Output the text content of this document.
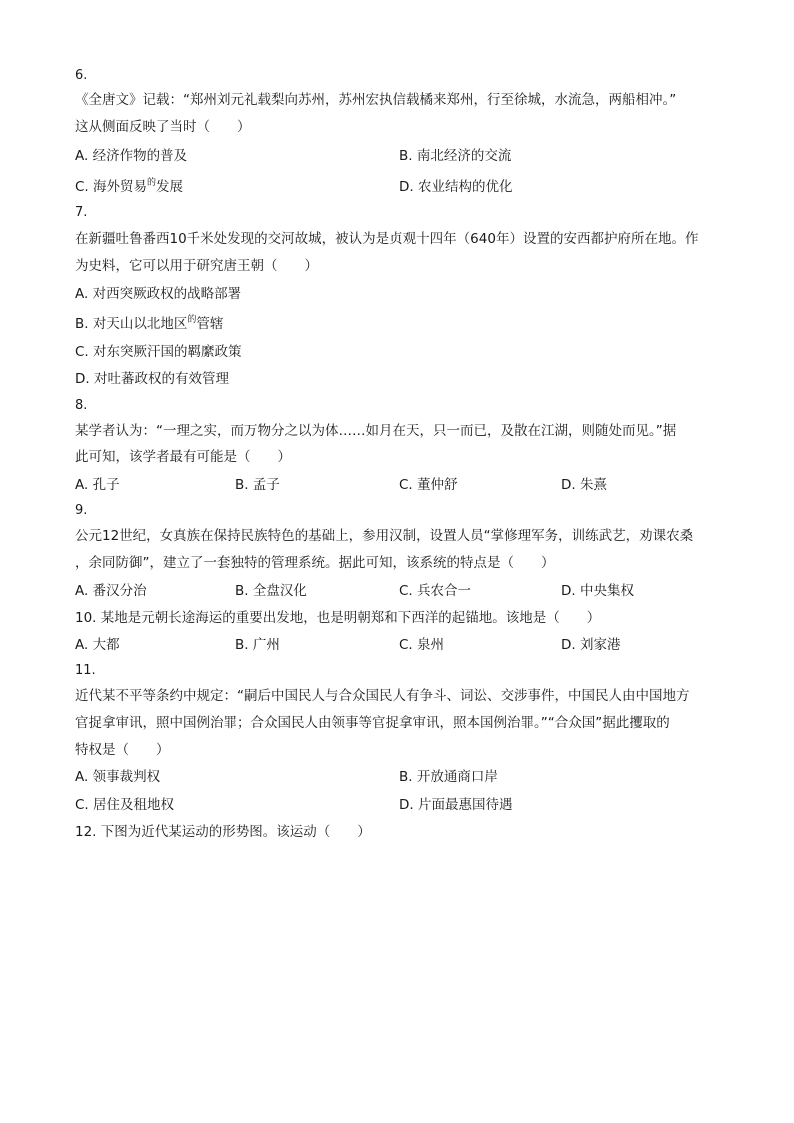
6.
《全唐文》记载：“郑州刘元礼载梨向苏州，苏州宏执信载橘来郑州，行至徐城，水流急，两船相冲。”
这从侧面反映了当时（　　）
A. 经济作物的普及	B. 南北经济的交流
C. 海外贸易$^的$发展	D. 农业结构的优化
7.
在新疆吐鲁番西10千米处发现的交河故城，被认为是贞观十四年（640年）设置的安西都护府所在地。作
为史料，它可以用于研究唐王朝（　　）
A. 对西突厥政权的战略部署
B. 对天山以北地区$^的$管辖
C. 对东突厥汗国的羁縻政策
D. 对吐蕃政权的有效管理
8.
某学者认为：“一理之实，而万物分之以为体……如月在天，只一而已，及散在江湖，则随处而见。”据
此可知，该学者最有可能是（　　）
A. 孔子	B. 孟子	C. 董仲舒	D. 朱熹
9.
公元12世纪，女真族在保持民族特色的基础上，参用汉制，设置人员“掌修理军务，训练武艺，劝课农桑
，余同防御”，建立了一套独特的管理系统。据此可知，该系统的特点是（　　）
A. 番汉分治	B. 全盘汉化	C. 兵农合一	D. 中央集权
10. 某地是元朝长途海运的重要出发地，也是明朝郑和下西洋的起锚地。该地是（　　）
A. 大都	B. 广州	C. 泉州	D. 刘家港
11.
近代某不平等条约中规定：“嗣后中国民人与合众国民人有争斗、词讼、交涉事件，中国民人由中国地方
官捉拿审讯，照中国例治罪；合众国民人由领事等官捉拿审讯，照本国例治罪。”“合众国”据此攫取的
特权是（　　）
A. 领事裁判权	B. 开放通商口岸
C. 居住及租地权	D. 片面最惠国待遇
12. 下图为近代某运动的形势图。该运动（　　）
